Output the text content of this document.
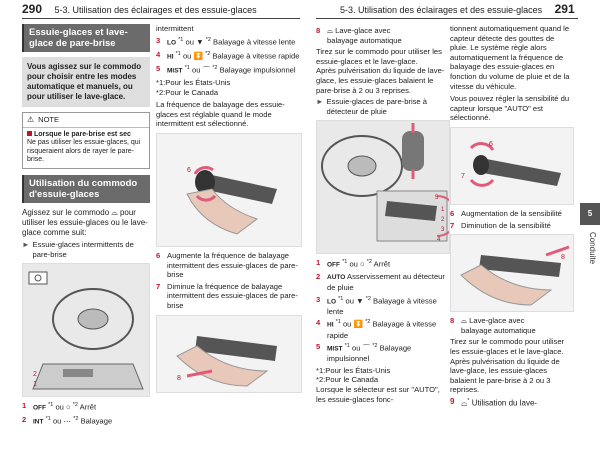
290 5-3. Utilisation des éclairages et des essuie-glaces	5-3. Utilisation des éclairages et des essuie-glaces 291
5
Conduite
Essuie-glaces et lave-glace de pare-brise
Vous agissez sur le commodo pour choisir entre les modes automatique et manuels, ou pour utiliser le lave-glace.
⚠ NOTE
Lorsque le pare-brise est sec
Ne pas utiliser les essuie-glaces, qui risqueraient alors de rayer le pare-brise.
Utilisation du commodo d'essuie-glaces
Agissez sur le commodo ⌓ pour utiliser les essuie-glaces ou le lave-glace comme suit:
► Essuie-glaces intermittents de pare-brise
2
1
1	OFF $^{*1}$ ou ○ $^{*2}$ Arrêt
2	INT $^{*1}$ ou ⋯ $^{*2}$ Balayage
intermittent
3	LO $^{*1}$ ou ▼ $^{*2}$ Balayage à vitesse lente
4	HI $^{*1}$ ou ⏬ $^{*2}$ Balayage à vitesse rapide
5	MIST $^{*1}$ ou ⌒ $^{*2}$ Balayage impulsionnel
*1:Pour les États-Unis
*2:Pour le Canada
La fréquence de balayage des essuie-glaces est réglable quand le mode intermittent est sélectionné.
6
6 Augmente la fréquence de balayage intermittent des essuie-glaces de pare-brise
7 Diminue la fréquence de balayage intermittent des essuie-glaces de pare-brise
8
8 ⌓ Lave-glace avec
balayage automatique
Tirez sur le commodo pour utiliser les essuie-glaces et le lave-glace.
Après pulvérisation du liquide de lave-glace, les essuie-glaces balaient le pare-brise à 2 ou 3 reprises.
► Essuie-glaces de pare-brise à détecteur de pluie
5
1
2
3
4
1	OFF $^{*1}$ ou ○ $^{*2}$ Arrêt
2	AUTO Asservissement au détecteur de pluie
3	LO $^{*1}$ ou ▼ $^{*2}$ Balayage à vitesse lente
4	HI $^{*1}$ ou ⏬ $^{*2}$ Balayage à vitesse rapide
5	MIST $^{*1}$ ou ⌒ $^{*2}$ Balayage impulsionnel
*1:Pour les États-Unis
*2:Pour le Canada
Lorsque le sélecteur est sur "AUTO", les essuie-glaces fonc-
tionnent automatiquement quand le capteur détecte des gouttes de pluie. Le système règle alors automatiquement la fréquence de balayage des essuie-glaces en fonction du volume de pluie et de la vitesse du véhicule.
Vous pouvez régler la sensibilité du capteur lorsque "AUTO" est sélectionné.
6
7
6 Augmentation de la sensibilité
7 Diminution de la sensibilité
8
8 ⌓ Lave-glace avec
balayage automatique
Tirez sur le commodo pour utiliser les essuie-glaces et le lave-glace.
Après pulvérisation du liquide de lave-glace, les essuie-glaces balaient le pare-brise à 2 ou 3 reprises.
9 ⌓* Utilisation du lave-
